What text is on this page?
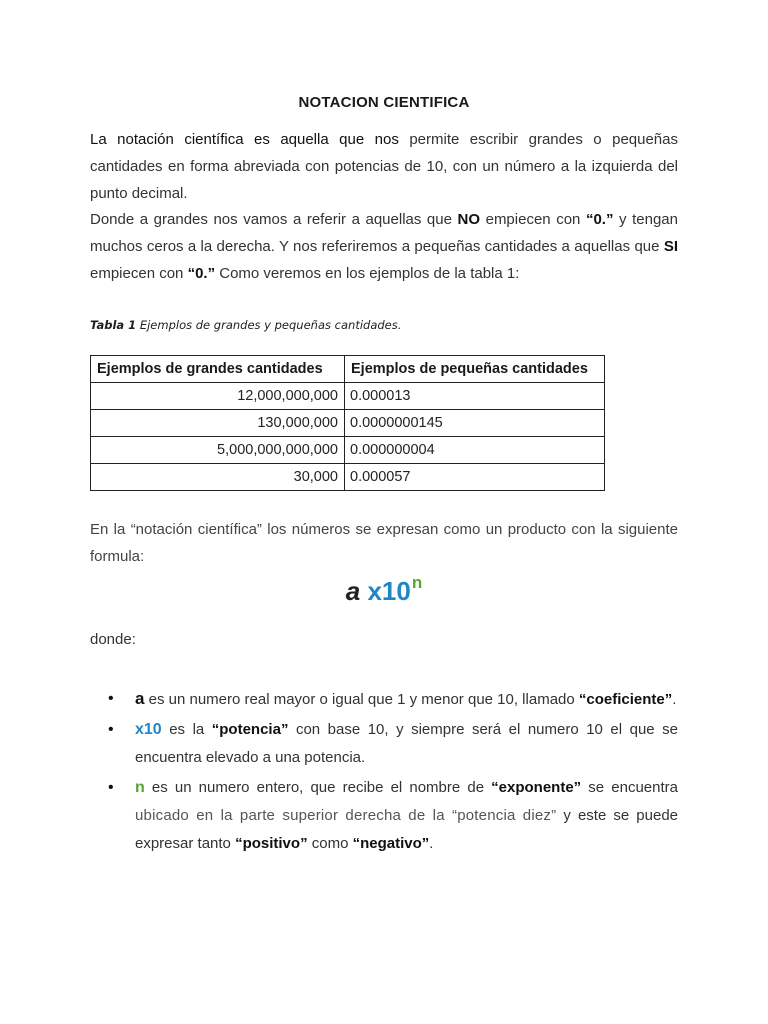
NOTACION CIENTIFICA

La notación científica es aquella que nos permite escribir grandes o pequeñas cantidades en forma abreviada con potencias de 10, con un número a la izquierda del punto decimal.

Donde a grandes nos vamos a referir a aquellas que NO empiecen con “0.” y tengan muchos ceros a la derecha. Y nos referiremos a pequeñas cantidades a aquellas que SI empiecen con “0.” Como veremos en los ejemplos de la tabla 1:

Tabla 1 Ejemplos de grandes y pequeñas cantidades.
Ejemplos de grandes cantidades	Ejemplos de pequeñas cantidades
12,000,000,000	0.000013
130,000,000	0.0000000145
5,000,000,000,000	0.000000004
30,000	0.000057

En la “notación científica” los números se expresan como un producto con la siguiente formula:

a x10$^n$
donde:
• a es un numero real mayor o igual que 1 y menor que 10, llamado “coeficiente”.
• x10 es la “potencia” con base 10, y siempre será el numero 10 el que se encuentra elevado a una potencia.
• n es un numero entero, que recibe el nombre de “exponente” se encuentra ubicado en la parte superior derecha de la “potencia diez” y este se puede expresar tanto “positivo” como “negativo”.
